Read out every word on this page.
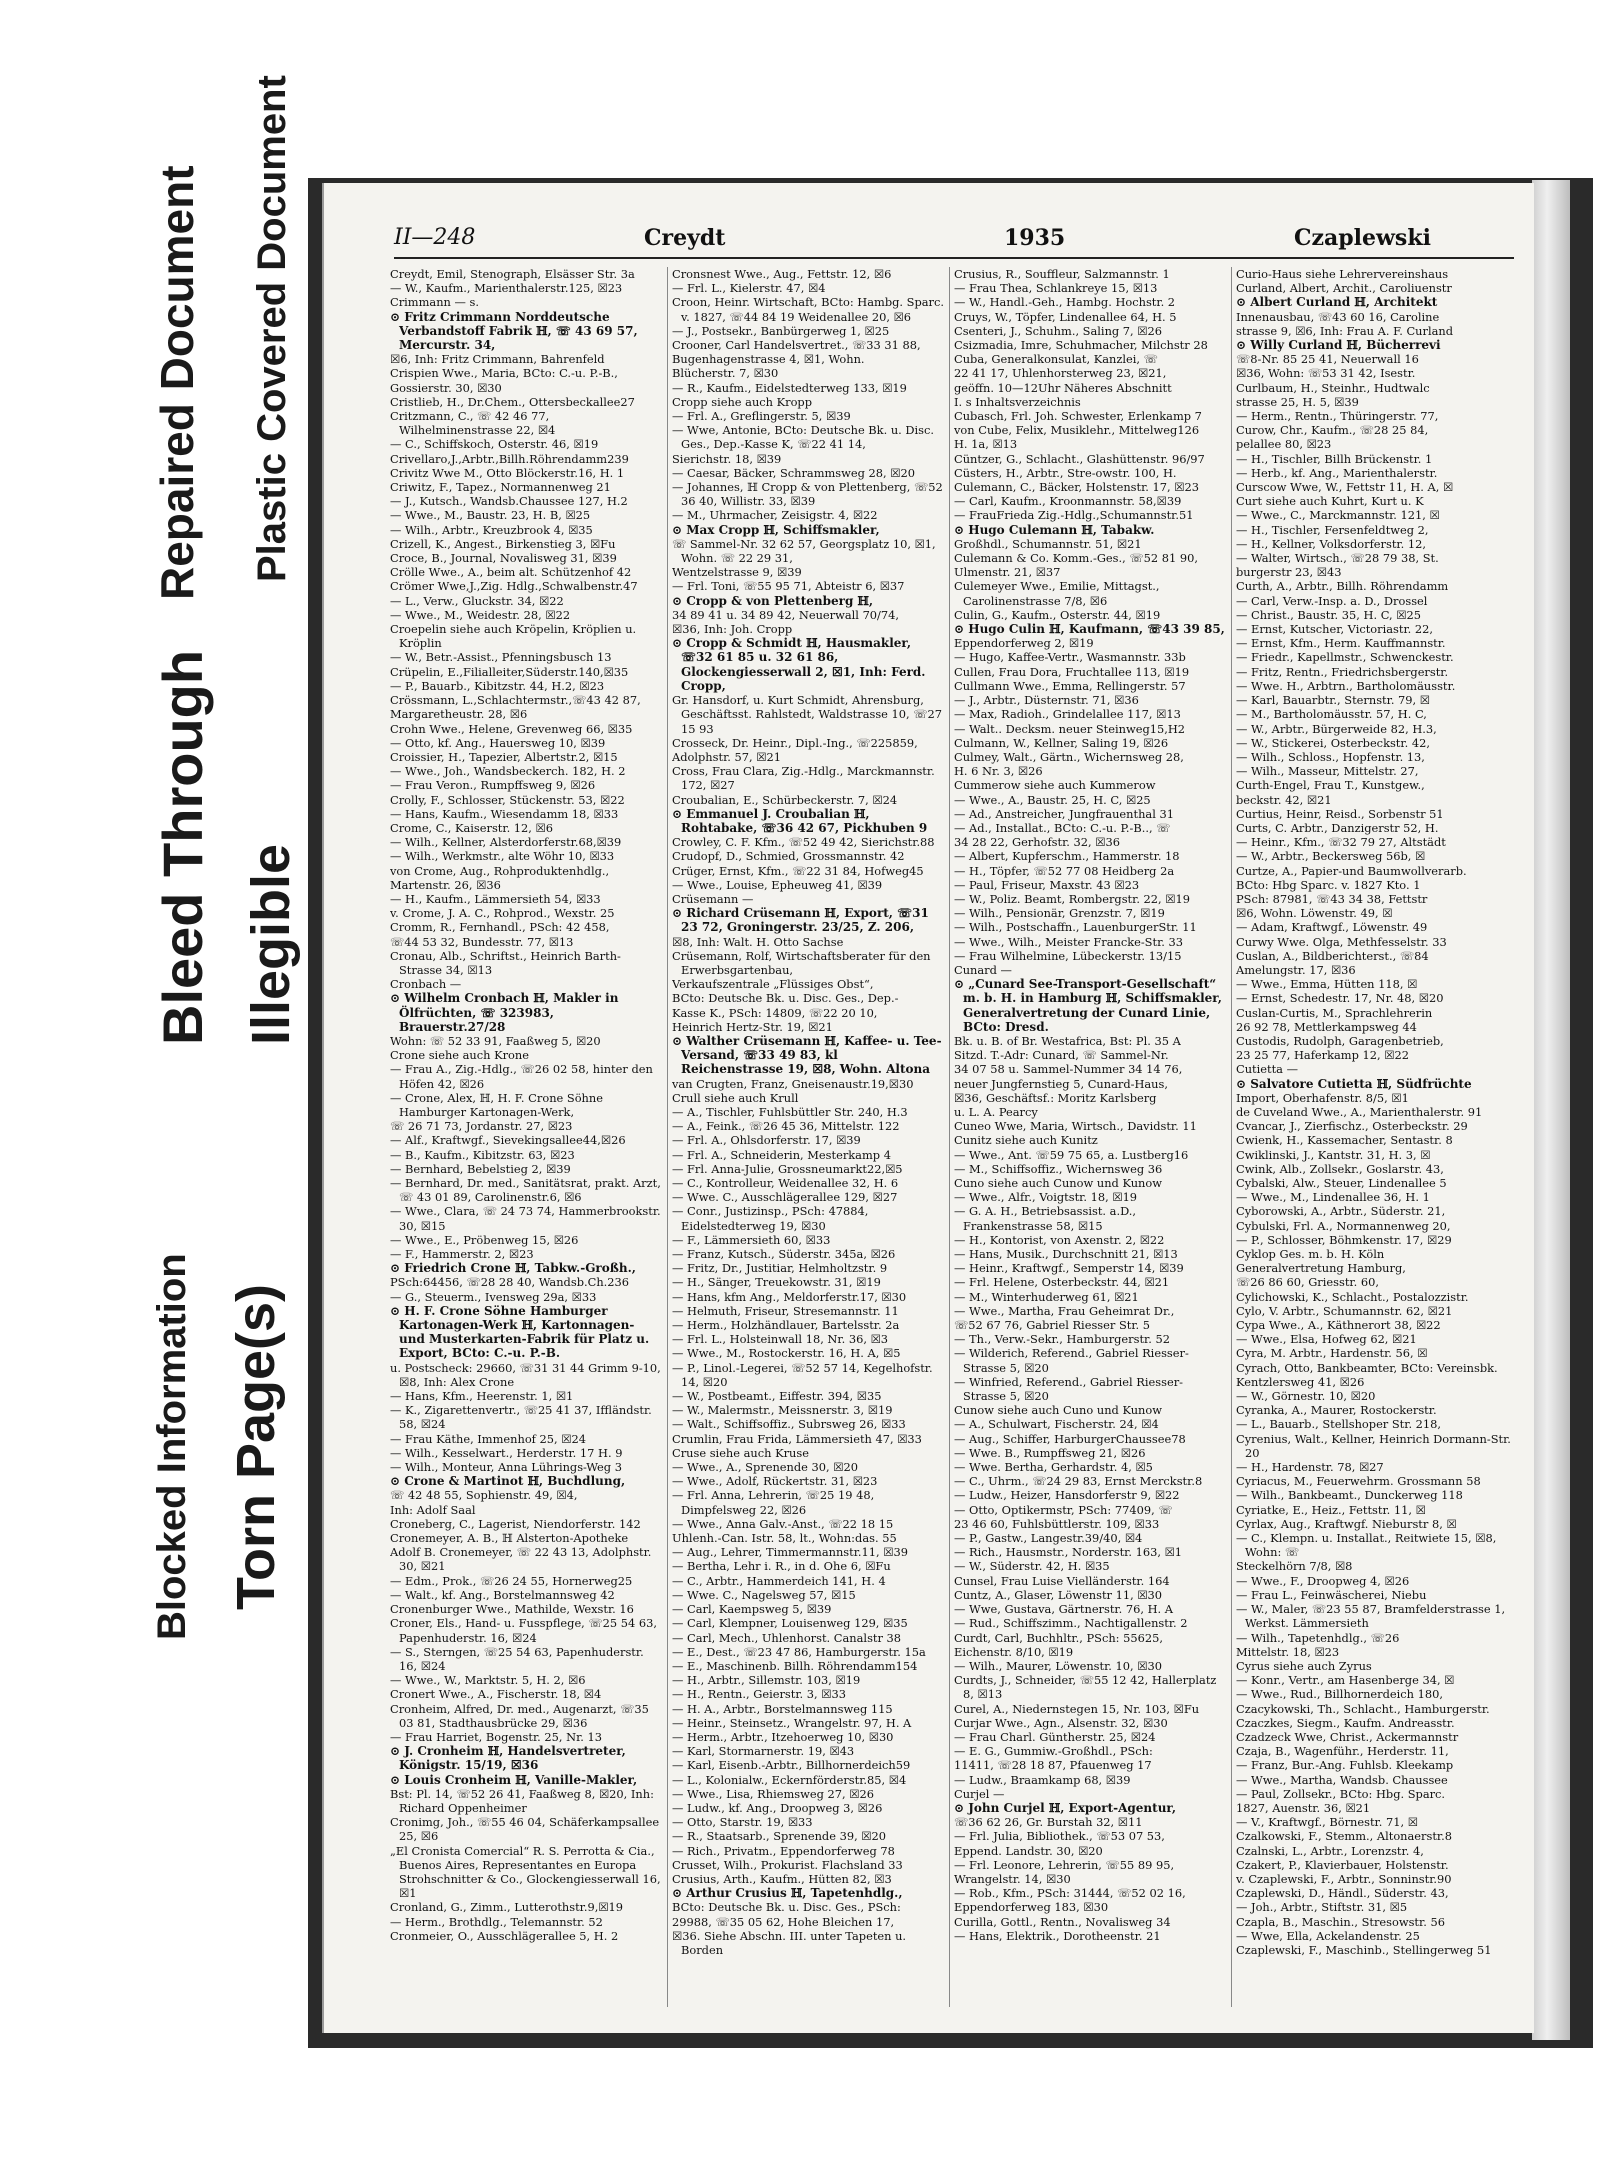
Blocked Information Torn Page(s)
Bleed Through Illegible
Repaired Document Plastic Covered Document	II—248	Creydt	1935	Czaplewski

Creydt, Emil, Stenograph, Elsässer Str. 3a

— W., Kaufm., Marienthalerstr.125, ☒23

Crimmann — s.

⊙ Fritz Crimmann Norddeutsche Verbandstoff Fabrik ℍ, ☏ 43 69 57, Mercurstr. 34,

☒6, Inh: Fritz Crimmann, Bahrenfeld

Crispien Wwe., Maria, BCto: C.-u. P.-B.,

Gossierstr. 30, ☒30

Cristlieb, H., Dr.Chem., Ottersbeckallee27

Critzmann, C., ☏ 42 46 77, Wilhelminenstrasse 22, ☒4

— C., Schiffskoch, Osterstr. 46, ☒19

Crivellaro,J.,Arbtr.,Billh.Röhrendamm239

Crivitz Wwe M., Otto Blöckerstr.16, H. 1

Criwitz, F., Tapez., Normannenweg 21

— J., Kutsch., Wandsb.Chaussee 127, H.2

— Wwe., M., Baustr. 23, H. B, ☒25

— Wilh., Arbtr., Kreuzbrook 4, ☒35

Crizell, K., Angest., Birkenstieg 3, ☒Fu

Croce, B., Journal, Novalisweg 31, ☒39

Crölle Wwe., A., beim alt. Schützenhof 42

Crömer Wwe,J.,Zig. Hdlg.,Schwalbenstr.47

— L., Verw., Gluckstr. 34, ☒22

— Wwe., M., Weidestr. 28, ☒22

Croepelin siehe auch Kröpelin, Kröplien u. Kröplin

— W., Betr.-Assist., Pfenningsbusch 13

Crüpelin, E.,Filialleiter,Süderstr.140,☒35

— P., Bauarb., Kibitzstr. 44, H.2, ☒23

Crössmann, L.,Schlachtermstr.,☏43 42 87,

Margaretheustr. 28, ☒6

Crohn Wwe., Helene, Grevenweg 66, ☒35

— Otto, kf. Ang., Hauersweg 10, ☒39

Croissier, H., Tapezier, Albertstr.2, ☒15

— Wwe., Joh., Wandsbeckerch. 182, H. 2

— Frau Veron., Rumpffsweg 9, ☒26

Crolly, F., Schlosser, Stückenstr. 53, ☒22

— Hans, Kaufm., Wiesendamm 18, ☒33

Crome, C., Kaiserstr. 12, ☒6

— Wilh., Kellner, Alsterdorferstr.68,☒39

— Wilh., Werkmstr., alte Wöhr 10, ☒33

von Crome, Aug., Rohproduktenhdlg.,

Martenstr. 26, ☒36

— H., Kaufm., Lämmersieth 54, ☒33

v. Crome, J. A. C., Rohprod., Wexstr. 25

Cromm, R., Fernhandl., PSch: 42 458,

☏44 53 32, Bundesstr. 77, ☒13

Cronau, Alb., Schriftst., Heinrich Barth-Strasse 34, ☒13

Cronbach —

⊙ Wilhelm Cronbach ℍ, Makler in Ölfrüchten, ☏ 323983, Brauerstr.27/28

Wohn: ☏ 52 33 91, Faaßweg 5, ☒20

Crone siehe auch Krone

— Frau A., Zig.-Hdlg., ☏26 02 58, hinter den Höfen 42, ☒26

— Crone, Alex, ℍ, H. F. Crone Söhne Hamburger Kartonagen-Werk,

☏ 26 71 73, Jordanstr. 27, ☒23

— Alf., Kraftwgf., Sievekingsallee44,☒26

— B., Kaufm., Kibitzstr. 63, ☒23

— Bernhard, Bebelstieg 2, ☒39

— Bernhard, Dr. med., Sanitätsrat, prakt. Arzt, ☏ 43 01 89, Carolinenstr.6, ☒6

— Wwe., Clara, ☏ 24 73 74, Hammerbrookstr. 30, ☒15

— Wwe., E., Pröbenweg 15, ☒26

— F., Hammerstr. 2, ☒23

⊙ Friedrich Crone ℍ, Tabkw.-Großh.,

PSch:64456, ☏28 28 40, Wandsb.Ch.236

— G., Steuerm., Ivensweg 29a, ☒33

⊙ H. F. Crone Söhne Hamburger Kartonagen-Werk ℍ, Kartonnagen- und Musterkarten-Fabrik für Platz u. Export, BCto: C.-u. P.-B.

u. Postscheck: 29660, ☏31 31 44 Grimm 9-10, ☒8, Inh: Alex Crone

— Hans, Kfm., Heerenstr. 1, ☒1

— K., Zigarettenvertr., ☏25 41 37, Iffländstr. 58, ☒24

— Frau Käthe, Immenhof 25, ☒24

— Wilh., Kesselwart., Herderstr. 17 H. 9

— Wilh., Monteur, Anna Lührings-Weg 3

⊙ Crone & Martinot ℍ, Buchdlung,

☏ 42 48 55, Sophienstr. 49, ☒4,

Inh: Adolf Saal

Croneberg, C., Lagerist, Niendorferstr. 142

Cronemeyer, A. B., ℍ Alsterton-Apotheke

Adolf B. Cronemeyer, ☏ 22 43 13, Adolphstr. 30, ☒21

— Edm., Prok., ☏26 24 55, Hornerweg25

— Walt., kf. Ang., Borstelmannsweg 42

Cronenburger Wwe., Mathilde, Wexstr. 16

Croner, Els., Hand- u. Fusspflege, ☏25 54 63, Papenhuderstr. 16, ☒24

— S., Sterngen, ☏25 54 63, Papenhuderstr. 16, ☒24

— Wwe., W., Marktstr. 5, H. 2, ☒6

Cronert Wwe., A., Fischerstr. 18, ☒4

Cronheim, Alfred, Dr. med., Augenarzt, ☏35 03 81, Stadthausbrücke 29, ☒36

— Frau Harriet, Bogenstr. 25, Nr. 13

⊙ J. Cronheim ℍ, Handelsvertreter, Königstr. 15/19, ☒36

⊙ Louis Cronheim ℍ, Vanille-Makler,

Bst: Pl. 14, ☏52 26 41, Faaßweg 8, ☒20, Inh: Richard Oppenheimer

Cronimg, Joh., ☏55 46 04, Schäferkampsallee 25, ☒6

„El Cronista Comercial“ R. S. Perrotta & Cia., Buenos Aires, Representantes en Europa Strohschnitter & Co., Glockengiesserwall 16, ☒1

Cronland, G., Zimm., Lutterothstr.9,☒19

— Herm., Brothdlg., Telemannstr. 52

Cronmeier, O., Ausschlägerallee 5, H. 2

Cronsnest Wwe., Aug., Fettstr. 12, ☒6

— Frl. L., Kielerstr. 47, ☒4

Croon, Heinr. Wirtschaft, BCto: Hambg. Sparc. v. 1827, ☏44 84 19 Weidenallee 20, ☒6

— J., Postsekr., Banbürgerweg 1, ☒25

Crooner, Carl Handelsvertret., ☏33 31 88,

Bugenhagenstrasse 4, ☒1, Wohn.

Blücherstr. 7, ☒30

— R., Kaufm., Eidelstedterweg 133, ☒19

Cropp siehe auch Kropp

— Frl. A., Greflingerstr. 5, ☒39

— Wwe, Antonie, BCto: Deutsche Bk. u. Disc. Ges., Dep.-Kasse K, ☏22 41 14,

Sierichstr. 18, ☒39

— Caesar, Bäcker, Schrammsweg 28, ☒20

— Johannes, ℍ Cropp & von Plettenberg, ☏52 36 40, Willistr. 33, ☒39

— M., Uhrmacher, Zeisigstr. 4, ☒22

⊙ Max Cropp ℍ, Schiffsmakler,

☏ Sammel-Nr. 32 62 57, Georgsplatz 10, ☒1, Wohn. ☏ 22 29 31,

Wentzelstrasse 9, ☒39

— Frl. Toni, ☏55 95 71, Abteistr 6, ☒37

⊙ Cropp & von Plettenberg ℍ,

34 89 41 u. 34 89 42, Neuerwall 70/74,

☒36, Inh: Joh. Cropp

⊙ Cropp & Schmidt ℍ, Hausmakler, ☏32 61 85 u. 32 61 86, Glockengiesserwall 2, ☒1, Inh: Ferd. Cropp,

Gr. Hansdorf, u. Kurt Schmidt, Ahrensburg, Geschäftsst. Rahlstedt, Waldstrasse 10, ☏27 15 93

Crosseck, Dr. Heinr., Dipl.-Ing., ☏225859,

Adolphstr. 57, ☒21

Cross, Frau Clara, Zig.-Hdlg., Marckmannstr. 172, ☒27

Croubalian, E., Schürbeckerstr. 7, ☒24

⊙ Emmanuel J. Croubalian ℍ, Rohtabake, ☏36 42 67, Pickhuben 9

Crowley, C. F. Kfm., ☏52 49 42, Sierichstr.88

Crudopf, D., Schmied, Grossmannstr. 42

Crüger, Ernst, Kfm., ☏22 31 84, Hofweg45

— Wwe., Louise, Epheuweg 41, ☒39

Crüsemann —

⊙ Richard Crüsemann ℍ, Export, ☏31 23 72, Groningerstr. 23/25, Z. 206,

☒8, Inh: Walt. H. Otto Sachse

Crüsemann, Rolf, Wirtschaftsberater für den Erwerbsgartenbau,

Verkaufszentrale „Flüssiges Obst“,

BCto: Deutsche Bk. u. Disc. Ges., Dep.-

Kasse K., PSch: 14809, ☏22 20 10,

Heinrich Hertz-Str. 19, ☒21

⊙ Walther Crüsemann ℍ, Kaffee- u. Tee-Versand, ☏33 49 83, kl Reichenstrasse 19, ☒8, Wohn. Altona

van Crugten, Franz, Gneisenaustr.19,☒30

Crull siehe auch Krull

— A., Tischler, Fuhlsbüttler Str. 240, H.3

— A., Feink., ☏26 45 36, Mittelstr. 122

— Frl. A., Ohlsdorferstr. 17, ☒39

— Frl. A., Schneiderin, Mesterkamp 4

— Frl. Anna-Julie, Grossneumarkt22,☒5

— C., Kontrolleur, Weidenallee 32, H. 6

— Wwe. C., Ausschlägerallee 129, ☒27

— Conr., Justizinsp., PSch: 47884, Eidelstedterweg 19, ☒30

— F., Lämmersieth 60, ☒33

— Franz, Kutsch., Süderstr. 345a, ☒26

— Fritz, Dr., Justitiar, Helmholtzstr. 9

— H., Sänger, Treuekowstr. 31, ☒19

— Hans, kfm Ang., Meldorferstr.17, ☒30

— Helmuth, Friseur, Stresemannstr. 11

— Herm., Holzhändlauer, Bartelsstr. 2a

— Frl. L., Holsteinwall 18, Nr. 36, ☒3

— Wwe., M., Rostockerstr. 16, H. A, ☒5

— P., Linol.-Legerei, ☏52 57 14, Kegelhofstr. 14, ☒20

— W., Postbeamt., Eiffestr. 394, ☒35

— W., Malermstr., Meissnerstr. 3, ☒19

— Walt., Schiffsoffiz., Subrsweg 26, ☒33

Crumlin, Frau Frida, Lämmersieth 47, ☒33

Cruse siehe auch Kruse

— Wwe., A., Sprenende 30, ☒20

— Wwe., Adolf, Rückertstr. 31, ☒23

— Frl. Anna, Lehrerin, ☏25 19 48, Dimpfelsweg 22, ☒26

— Wwe., Anna Galv.-Anst., ☏22 18 15

Uhlenh.-Can. Istr. 58, lt., Wohn:das. 55

— Aug., Lehrer, Timmermannstr.11, ☒39

— Bertha, Lehr i. R., in d. Ohe 6, ☒Fu

— C., Arbtr., Hammerdeich 141, H. 4

— Wwe. C., Nagelsweg 57, ☒15

— Carl, Kaempsweg 5, ☒39

— Carl, Klempner, Louisenweg 129, ☒35

— Carl, Mech., Uhlenhorst. Canalstr 38

— E., Dest., ☏23 47 86, Hamburgerstr. 15a

— E., Maschinenb. Billh. Röhrendamm154

— H., Arbtr., Sillemstr. 103, ☒19

— H., Rentn., Geierstr. 3, ☒33

— H. A., Arbtr., Borstelmannsweg 115

— Heinr., Steinsetz., Wrangelstr. 97, H. A

— Herm., Arbtr., Itzehoerweg 10, ☒30

— Karl, Stormarnerstr. 19, ☒43

— Karl, Eisenb.-Arbtr., Billhornerdeich59

— L., Kolonialw., Eckernförderstr.85, ☒4

— Wwe., Lisa, Rhiemsweg 27, ☒26

— Ludw., kf. Ang., Droopweg 3, ☒26

— Otto, Starstr. 19, ☒33

— R., Staatsarb., Sprenende 39, ☒20

— Rich., Privatm., Eppendorferweg 78

Crusset, Wilh., Prokurist. Flachsland 33

Crusius, Arth., Kaufm., Hütten 82, ☒3

⊙ Arthur Crusius ℍ, Tapetenhdlg.,

BCto: Deutsche Bk. u. Disc. Ges., PSch:

29988, ☏35 05 62, Hohe Bleichen 17,

☒36. Siehe Abschn. III. unter Tapeten u. Borden

Crusius, R., Souffleur, Salzmannstr. 1

— Frau Thea, Schlankreye 15, ☒13

— W., Handl.-Geh., Hambg. Hochstr. 2

Cruys, W., Töpfer, Lindenallee 64, H. 5

Csenteri, J., Schuhm., Saling 7, ☒26

Csizmadia, Imre, Schuhmacher, Milchstr 28

Cuba, Generalkonsulat, Kanzlei, ☏

22 41 17, Uhlenhorsterweg 23, ☒21,

geöffn. 10—12Uhr Näheres Abschnitt

I. s Inhaltsverzeichnis

Cubasch, Frl. Joh. Schwester, Erlenkamp 7

von Cube, Felix, Musiklehr., Mittelweg126

H. 1a, ☒13

Cüntzer, G., Schlacht., Glashüttenstr. 96/97

Cüsters, H., Arbtr., Stre-owstr. 100, H.

Culemann, C., Bäcker, Holstenstr. 17, ☒23

— Carl, Kaufm., Kroonmannstr. 58,☒39

— FrauFrieda Zig.-Hdlg.,Schumannstr.51

⊙ Hugo Culemann ℍ, Tabakw.

Großhdl., Schumannstr. 51, ☒21

Culemann & Co. Komm.-Ges., ☏52 81 90,

Ulmenstr. 21, ☒37

Culemeyer Wwe., Emilie, Mittagst., Carolinenstrasse 7/8, ☒6

Culin, G., Kaufm., Osterstr. 44, ☒19

⊙ Hugo Culin ℍ, Kaufmann, ☏43 39 85,

Eppendorferweg 2, ☒19

— Hugo, Kaffee-Vertr., Wasmannstr. 33b

Cullen, Frau Dora, Fruchtallee 113, ☒19

Cullmann Wwe., Emma, Rellingerstr. 57

— J., Arbtr., Düsternstr. 71, ☒36

— Max, Radioh., Grindelallee 117, ☒13

— Walt.. Decksm. neuer Steinweg15,H2

Culmann, W., Kellner, Saling 19, ☒26

Culmey, Walt., Gärtn., Wichernsweg 28,

H. 6 Nr. 3, ☒26

Cummerow siehe auch Kummerow

— Wwe., A., Baustr. 25, H. C, ☒25

— Ad., Anstreicher, Jungfrauenthal 31

— Ad., Installat., BCto: C.-u. P.-B.., ☏

34 28 22, Gerhofstr. 32, ☒36

— Albert, Kupferschm., Hammerstr. 18

— H., Töpfer, ☏52 77 08 Heidberg 2a

— Paul, Friseur, Maxstr. 43 ☒23

— W., Poliz. Beamt, Rombergstr. 22, ☒19

— Wilh., Pensionär, Grenzstr. 7, ☒19

— Wilh., Postschaffn., LauenburgerStr. 11

— Wwe., Wilh., Meister Francke-Str. 33

— Frau Wilhelmine, Lübeckerstr. 13/15

Cunard —

⊙ „Cunard See-Transport-Gesellschaft“ m. b. H. in Hamburg ℍ, Schiffsmakler, Generalvertretung der Cunard Linie, BCto: Dresd.

Bk. u. B. of Br. Westafrica, Bst: Pl. 35 A

Sitzd. T.-Adr: Cunard, ☏ Sammel-Nr.

34 07 58 u. Sammel-Nummer 34 14 76,

neuer Jungfernstieg 5, Cunard-Haus,

☒36, Geschäftsf.: Moritz Karlsberg

u. L. A. Pearcy

Cuneo Wwe, Maria, Wirtsch., Davidstr. 11

Cunitz siehe auch Kunitz

— Wwe., Ant. ☏59 75 65, a. Lustberg16

— M., Schiffsoffiz., Wichernsweg 36

Cuno siehe auch Cunow und Kunow

— Wwe., Alfr., Voigtstr. 18, ☒19

— G. A. H., Betriebsassist. a.D., Frankenstrasse 58, ☒15

— H., Kontorist, von Axenstr. 2, ☒22

— Hans, Musik., Durchschnitt 21, ☒13

— Heinr., Kraftwgf., Semperstr 14, ☒39

— Frl. Helene, Osterbeckstr. 44, ☒21

— M., Winterhuderweg 61, ☒21

— Wwe., Martha, Frau Geheimrat Dr.,

☏52 67 76, Gabriel Riesser Str. 5

— Th., Verw.-Sekr., Hamburgerstr. 52

— Wilderich, Referend., Gabriel Riesser-Strasse 5, ☒20

— Winfried, Referend., Gabriel Riesser-Strasse 5, ☒20

Cunow siehe auch Cuno und Kunow

— A., Schulwart, Fischerstr. 24, ☒4

— Aug., Schiffer, HarburgerChaussee78

— Wwe. B., Rumpffsweg 21, ☒26

— Wwe. Bertha, Gerhardstr. 4, ☒5

— C., Uhrm., ☏24 29 83, Ernst Merckstr.8

— Ludw., Heizer, Hansdorferstr 9, ☒22

— Otto, Optikermstr, PSch: 77409, ☏

23 46 60, Fuhlsbüttlerstr. 109, ☒33

— P., Gastw., Langestr.39/40, ☒4

— Rich., Hausmstr., Norderstr. 163, ☒1

— W., Süderstr. 42, H. ☒35

Cunsel, Frau Luise Vielländerstr. 164

Cuntz, A., Glaser, Löwenstr 11, ☒30

— Wwe, Gustava, Gärtnerstr. 76, H. A

— Rud., Schiffszimm., Nachtigallenstr. 2

Curdt, Carl, Buchhltr., PSch: 55625,

Eichenstr. 8/10, ☒19

— Wilh., Maurer, Löwenstr. 10, ☒30

Curdts, J., Schneider, ☏55 12 42, Hallerplatz 8, ☒13

Curel, A., Niedernstegen 15, Nr. 103, ☒Fu

Curjar Wwe., Agn., Alsenstr. 32, ☒30

— Frau Charl. Güntherstr. 25, ☒24

— E. G., Gummiw.-Großhdl., PSch:

11411, ☏28 18 87, Pfauenweg 17

— Ludw., Braamkamp 68, ☒39

Curjel —

⊙ John Curjel ℍ, Export-Agentur,

☏36 62 26, Gr. Burstah 32, ☒11

— Frl. Julia, Bibliothek., ☏53 07 53,

Eppend. Landstr. 30, ☒20

— Frl. Leonore, Lehrerin, ☏55 89 95,

Wrangelstr. 14, ☒30

— Rob., Kfm., PSch: 31444, ☏52 02 16,

Eppendorferweg 183, ☒30

Curilla, Gottl., Rentn., Novalisweg 34

— Hans, Elektrik., Dorotheenstr. 21

Curio-Haus siehe Lehrervereinshaus

Curland, Albert, Archit., Caroliuenstr

⊙ Albert Curland ℍ, Architekt

Innenausbau, ☏43 60 16, Caroline

strasse 9, ☒6, Inh: Frau A. F. Curland

⊙ Willy Curland ℍ, Bücherrevi

☏8-Nr. 85 25 41, Neuerwall 16

☒36, Wohn: ☏53 31 42, Isestr.

Curlbaum, H., Steinhr., Hudtwalc

strasse 25, H. 5, ☒39

— Herm., Rentn., Thüringerstr. 77,

Curow, Chr., Kaufm., ☏28 25 84,

pelallee 80, ☒23

— H., Tischler, Billh Brückenstr. 1

— Herb., kf. Ang., Marienthalerstr.

Curscow Wwe, W., Fettstr 11, H. A, ☒

Curt siehe auch Kuhrt, Kurt u. K

— Wwe., C., Marckmannstr. 121, ☒

— H., Tischler, Fersenfeldtweg 2,

— H., Kellner, Volksdorferstr. 12,

— Walter, Wirtsch., ☏28 79 38, St.

burgerstr 23, ☒43

Curth, A., Arbtr., Billh. Röhrendamm

— Carl, Verw.-Insp. a. D., Drossel

— Christ., Baustr. 35, H. C, ☒25

— Ernst, Kutscher, Victoriastr. 22,

— Ernst, Kfm., Herm. Kauffmannstr.

— Friedr., Kapellmstr., Schwenckestr.

— Fritz, Rentn., Friedrichsbergerstr.

— Wwe. H., Arbtrn., Bartholomäusstr.

— Karl, Bauarbtr., Sternstr. 79, ☒

— M., Bartholomäusstr. 57, H. C,

— W., Arbtr., Bürgerweide 82, H.3,

— W., Stickerei, Osterbeckstr. 42,

— Wilh., Schloss., Hopfenstr. 13,

— Wilh., Masseur, Mittelstr. 27,

Curth-Engel, Frau T., Kunstgew.,

beckstr. 42, ☒21

Curtius, Heinr, Reisd., Sorbenstr 51

Curts, C. Arbtr., Danzigerstr 52, H.

— Heinr., Kfm., ☏32 79 27, Altstädt

— W., Arbtr., Beckersweg 56b, ☒

Curtze, A., Papier-und Baumwollverarb.

BCto: Hbg Sparc. v. 1827 Kto. 1

PSch: 87981, ☏43 34 38, Fettstr

☒6, Wohn. Löwenstr. 49, ☒

— Adam, Kraftwgf., Löwenstr. 49

Curwy Wwe. Olga, Methfesselstr. 33

Cuslan, A., Bildberichterst., ☏84

Amelungstr. 17, ☒36

— Wwe., Emma, Hütten 118, ☒

— Ernst, Schedestr. 17, Nr. 48, ☒20

Cuslan-Curtis, M., Sprachlehrerin

26 92 78, Mettlerkampsweg 44

Custodis, Rudolph, Garagenbetrieb,

23 25 77, Haferkamp 12, ☒22

Cutietta —

⊙ Salvatore Cutietta ℍ, Südfrüchte

Import, Oberhafenstr. 8/5, ☒1

de Cuveland Wwe., A., Marienthalerstr. 91

Cvancar, J., Zierfischz., Osterbeckstr. 29

Cwienk, H., Kassemacher, Sentastr. 8

Cwiklinski, J., Kantstr. 31, H. 3, ☒

Cwink, Alb., Zollsekr., Goslarstr. 43,

Cybalski, Alw., Steuer, Lindenallee 5

— Wwe., M., Lindenallee 36, H. 1

Cyborowski, A., Arbtr., Süderstr. 21,

Cybulski, Frl. A., Normannenweg 20,

— P., Schlosser, Böhmkenstr. 17, ☒29

Cyklop Ges. m. b. H. Köln

Generalvertretung Hamburg,

☏26 86 60, Griesstr. 60,

Cylichowski, K., Schlacht., Postalozzistr.

Cylo, V. Arbtr., Schumannstr. 62, ☒21

Cypa Wwe., A., Käthnerort 38, ☒22

— Wwe., Elsa, Hofweg 62, ☒21

Cyra, M. Arbtr., Hardenstr. 56, ☒

Cyrach, Otto, Bankbeamter, BCto: Vereinsbk.

Kentzlersweg 41, ☒26

— W., Görnestr. 10, ☒20

Cyranka, A., Maurer, Rostockerstr.

— L., Bauarb., Stellshoper Str. 218,

Cyrenius, Walt., Kellner, Heinrich Dormann-Str. 20

— H., Hardenstr. 78, ☒27

Cyriacus, M., Feuerwehrm. Grossmann 58

— Wilh., Bankbeamt., Dunckerweg 118

Cyriatke, E., Heiz., Fettstr. 11, ☒

Cyrlax, Aug., Kraftwgf. Nieburstr 8, ☒

— C., Klempn. u. Installat., Reitwiete 15, ☒8, Wohn: ☏

Steckelhörn 7/8, ☒8

— Wwe., F., Droopweg 4, ☒26

— Frau L., Feinwäscherei, Niebu

— W., Maler, ☏23 55 87, Bramfelderstrasse 1, Werkst. Lämmersieth

— Wilh., Tapetenhdlg., ☏26

Mittelstr. 18, ☒23

Cyrus siehe auch Zyrus

— Konr., Vertr., am Hasenberge 34, ☒

— Wwe., Rud., Billhornerdeich 180,

Czacykowski, Th., Schlacht., Hamburgerstr.

Czaczkes, Siegm., Kaufm. Andreasstr.

Czadzeck Wwe, Christ., Ackermannstr

Czaja, B., Wagenführ., Herderstr. 11,

— Franz, Bur.-Ang. Fuhlsb. Kleekamp

— Wwe., Martha, Wandsb. Chaussee

— Paul, Zollsekr., BCto: Hbg. Sparc.

1827, Auenstr. 36, ☒21

— V., Kraftwgf., Börnestr. 71, ☒

Czalkowski, F., Stemm., Altonaerstr.8

Czalnski, L., Arbtr., Lorenzstr. 4,

Czakert, P., Klavierbauer, Holstenstr.

v. Czaplewski, F., Arbtr., Sonninstr.90

Czaplewski, D., Händl., Süderstr. 43,

— Joh., Arbtr., Stiftstr. 31, ☒5

Czapla, B., Maschin., Stresowstr. 56

— Wwe, Ella, Ackelandenstr. 25

Czaplewski, F., Maschinb., Stellingerweg 51
